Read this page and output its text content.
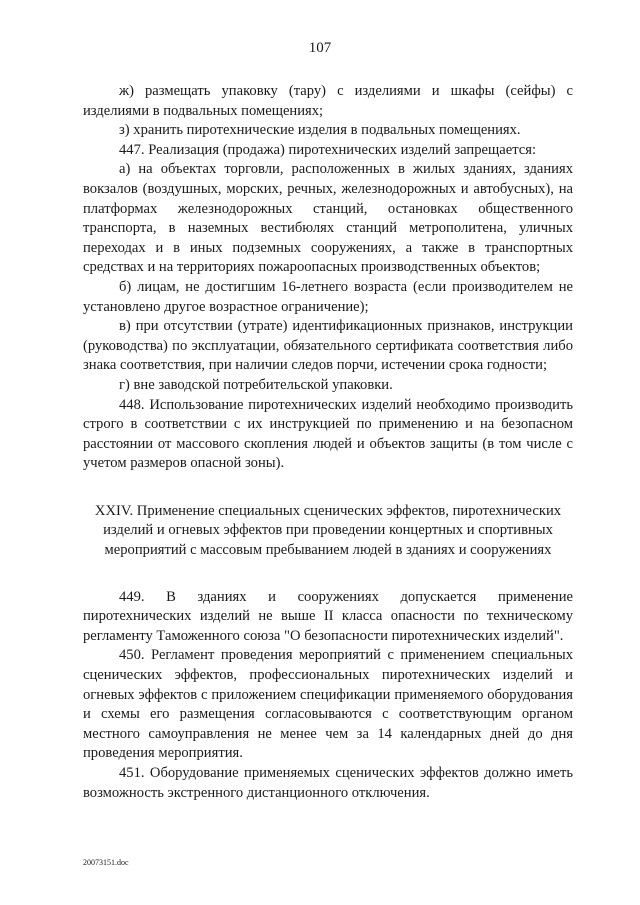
107

ж) размещать упаковку (тару) с изделиями и шкафы (сейфы) с изделиями в подвальных помещениях;

з) хранить пиротехнические изделия в подвальных помещениях.

447. Реализация (продажа) пиротехнических изделий запрещается:

а) на объектах торговли, расположенных в жилых зданиях, зданиях вокзалов (воздушных, морских, речных, железнодорожных и автобусных), на платформах железнодорожных станций, остановках общественного транспорта, в наземных вестибюлях станций метрополитена, уличных переходах и в иных подземных сооружениях, а также в транспортных средствах и на территориях пожароопасных производственных объектов;

б) лицам, не достигшим 16-летнего возраста (если производителем не установлено другое возрастное ограничение);

в) при отсутствии (утрате) идентификационных признаков, инструкции (руководства) по эксплуатации, обязательного сертификата соответствия либо знака соответствия, при наличии следов порчи, истечении срока годности;

г) вне заводской потребительской упаковки.

448. Использование пиротехнических изделий необходимо производить строго в соответствии с их инструкцией по применению и на безопасном расстоянии от массового скопления людей и объектов защиты (в том числе с учетом размеров опасной зоны).

XXIV. Применение специальных сценических эффектов, пиротехнических изделий и огневых эффектов при проведении концертных и спортивных мероприятий с массовым пребыванием людей в зданиях и сооружениях

449. В зданиях и сооружениях допускается применение пиротехнических изделий не выше II класса опасности по техническому регламенту Таможенного союза "О безопасности пиротехнических изделий".

450. Регламент проведения мероприятий с применением специальных сценических эффектов, профессиональных пиротехнических изделий и огневых эффектов с приложением спецификации применяемого оборудования и схемы его размещения согласовываются с соответствующим органом местного самоуправления не менее чем за 14 календарных дней до дня проведения мероприятия.

451. Оборудование применяемых сценических эффектов должно иметь возможность экстренного дистанционного отключения.

20073151.doc
